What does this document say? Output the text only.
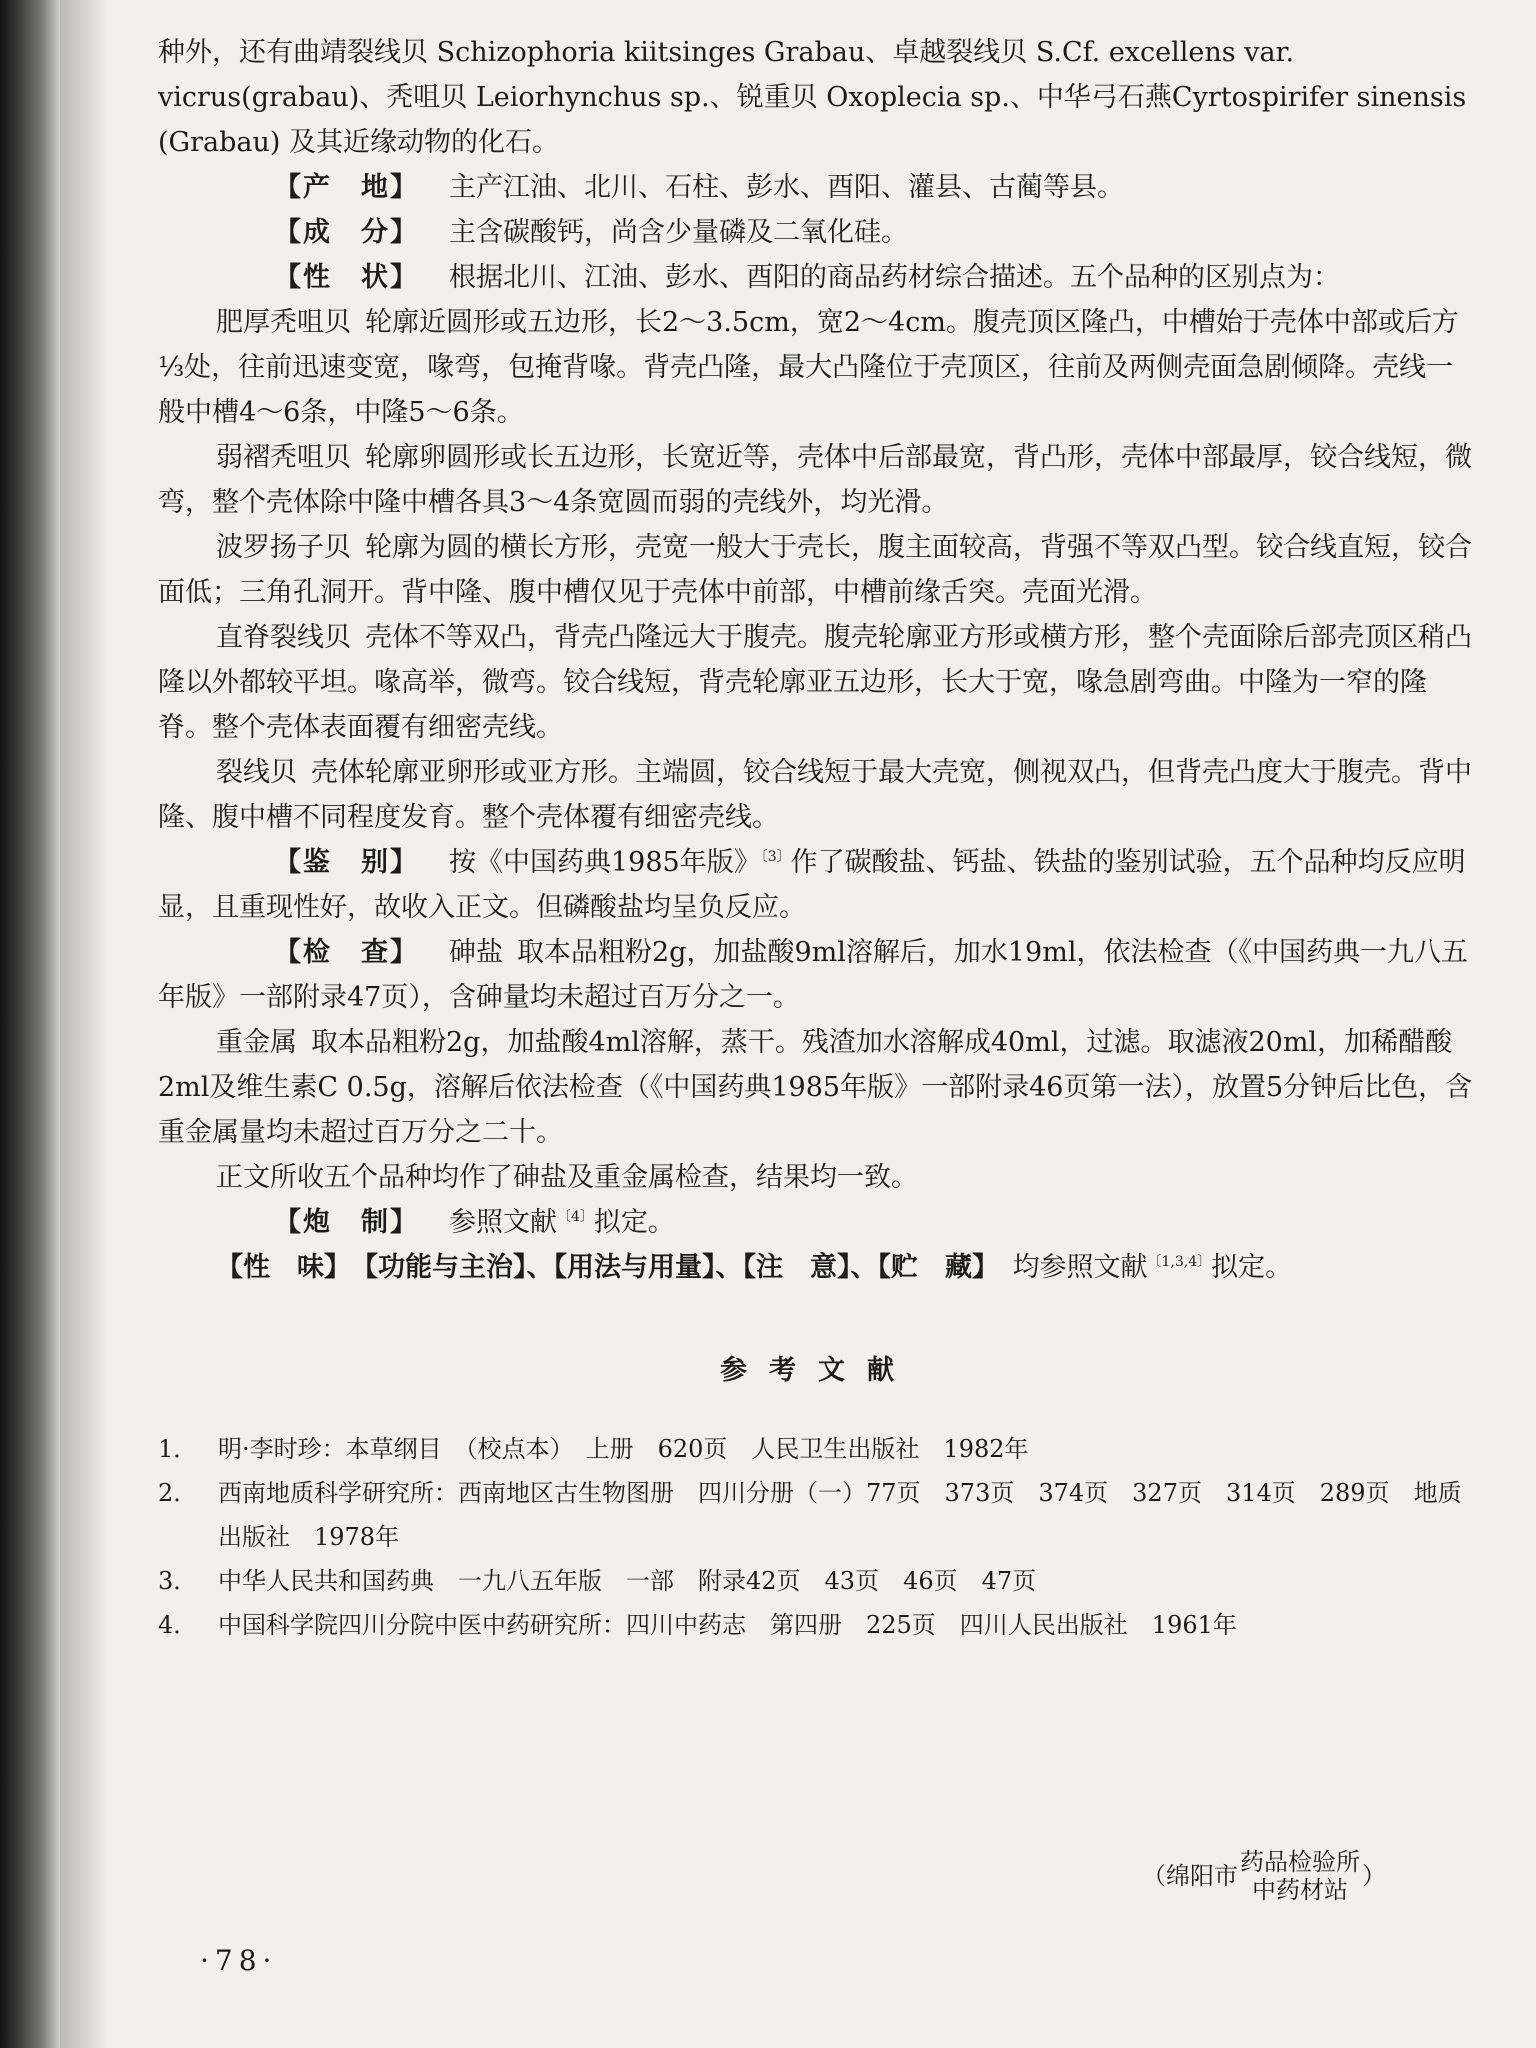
种外，还有曲靖裂线贝 Schizophoria kiitsinges Grabau、卓越裂线贝 S.Cf. excellens var. vicrus(grabau)、秃咀贝 Leiorhynchus sp.、锐重贝 Oxoplecia sp.、中华弓石燕Cyrtospirifer sinensis (Grabau) 及其近缘动物的化石。

【产　地】 主产江油、北川、石柱、彭水、酉阳、灌县、古蔺等县。

【成　分】 主含碳酸钙，尚含少量磷及二氧化硅。

【性　状】 根据北川、江油、彭水、酉阳的商品药材综合描述。五个品种的区别点为：

肥厚秃咀贝 轮廓近圆形或五边形，长2～3.5cm，宽2～4cm。腹壳顶区隆凸，中槽始于壳体中部或后方⅓处，往前迅速变宽，喙弯，包掩背喙。背壳凸隆，最大凸隆位于壳顶区，往前及两侧壳面急剧倾降。壳线一般中槽4～6条，中隆5～6条。

弱褶秃咀贝 轮廓卵圆形或长五边形，长宽近等，壳体中后部最宽，背凸形，壳体中部最厚，铰合线短，微弯，整个壳体除中隆中槽各具3～4条宽圆而弱的壳线外，均光滑。

波罗扬子贝 轮廓为圆的横长方形，壳宽一般大于壳长，腹主面较高，背强不等双凸型。铰合线直短，铰合面低；三角孔洞开。背中隆、腹中槽仅见于壳体中前部，中槽前缘舌突。壳面光滑。

直脊裂线贝 壳体不等双凸，背壳凸隆远大于腹壳。腹壳轮廓亚方形或横方形，整个壳面除后部壳顶区稍凸隆以外都较平坦。喙高举，微弯。铰合线短，背壳轮廓亚五边形，长大于宽，喙急剧弯曲。中隆为一窄的隆脊。整个壳体表面覆有细密壳线。

裂线贝 壳体轮廓亚卵形或亚方形。主端圆，铰合线短于最大壳宽，侧视双凸，但背壳凸度大于腹壳。背中隆、腹中槽不同程度发育。整个壳体覆有细密壳线。

【鉴　别】 按《中国药典1985年版》$^{〔3〕}$作了碳酸盐、钙盐、铁盐的鉴别试验，五个品种均反应明显，且重现性好，故收入正文。但磷酸盐均呈负反应。

【检　查】 砷盐 取本品粗粉2g，加盐酸9ml溶解后，加水19ml，依法检查（《中国药典一九八五年版》一部附录47页），含砷量均未超过百万分之一。

重金属 取本品粗粉2g，加盐酸4ml溶解，蒸干。残渣加水溶解成40ml，过滤。取滤液20ml，加稀醋酸2ml及维生素C 0.5g，溶解后依法检查（《中国药典1985年版》一部附录46页第一法），放置5分钟后比色，含重金属量均未超过百万分之二十。

正文所收五个品种均作了砷盐及重金属检查，结果均一致。

【炮　制】 参照文献$^{〔4〕}$拟定。

【性　味】　【功能与主治】、【用法与用量】、【注　意】、【贮　藏】　均参照文献$^{〔1,3,4〕}$拟定。

参考文献

1． 明·李时珍：本草纲目　（校点本）　上册　620页　人民卫生出版社　1982年

2． 西南地质科学研究所：西南地区古生物图册　四川分册（一）77页　373页　374页　327页　314页　289页　地质出版社　1978年

3． 中华人民共和国药典　一九八五年版　一部　附录42页　43页　46页　47页

4． 中国科学院四川分院中医中药研究所：四川中药志　第四册　225页　四川人民出版社　1961年

（绵阳市 药品检验所
中药材站 ）
·78·
